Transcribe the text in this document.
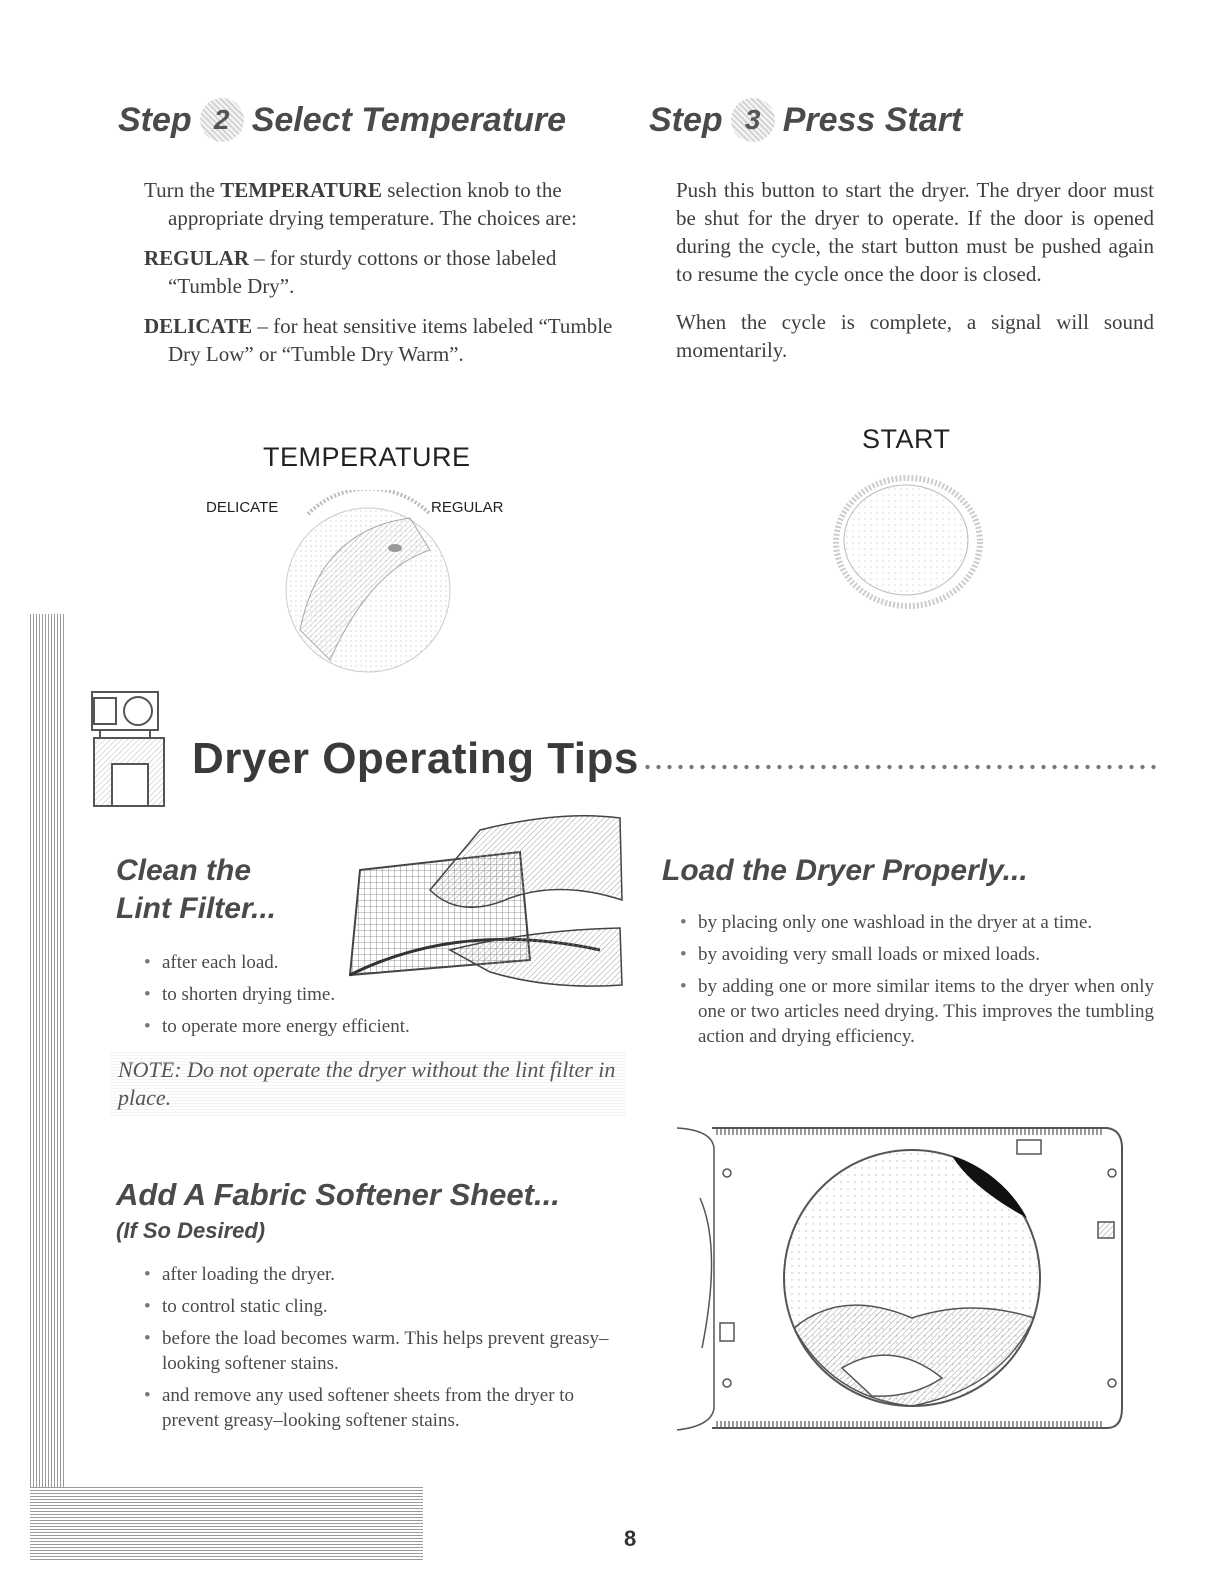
Step 2 Select Temperature

Turn the TEMPERATURE selection knob to the appropriate drying temperature. The choices are:

REGULAR – for sturdy cottons or those labeled “Tumble Dry”.

DELICATE – for heat sensitive items labeled “Tumble Dry Low” or “Tumble Dry Warm”.

TEMPERATURE
DELICATE	REGULAR
Step 3 Press Start

Push this button to start the dryer. The dryer door must be shut for the dryer to operate. If the door is opened during the cycle, the start button must be pushed again to resume the cycle once the door is closed.

When the cycle is complete, a signal will sound momentarily.

START
Dryer Operating Tips
Clean the
Lint Filter...
• after each load.
• to shorten drying time.
• to operate more energy efficient.
NOTE: Do not operate the dryer without the lint filter in place.
Add A Fabric Softener Sheet...
(If So Desired)
• after loading the dryer.
• to control static cling.
• before the load becomes warm. This helps prevent greasy–looking softener stains.
• and remove any used softener sheets from the dryer to prevent greasy–looking softener stains.
Load the Dryer Properly...
• by placing only one washload in the dryer at a time.
• by avoiding very small loads or mixed loads.
• by adding one or more similar items to the dryer when only one or two articles need drying. This improves the tumbling action and drying efficiency.
8
